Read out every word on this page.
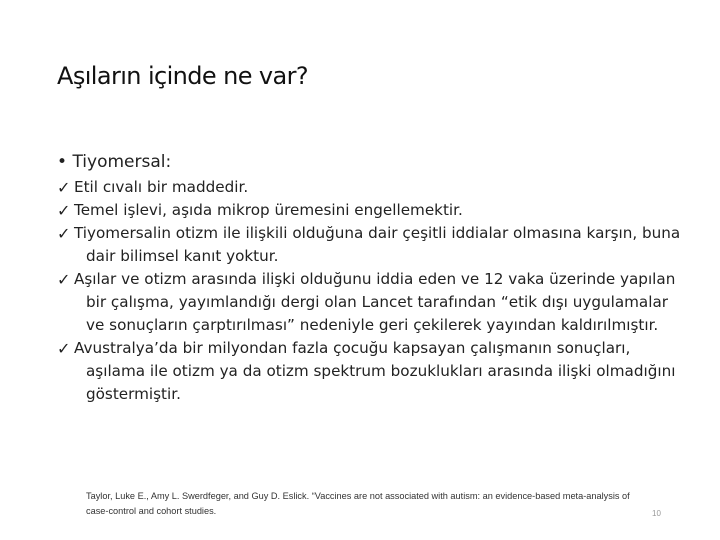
Aşıların içinde ne var?
• Tiyomersal:
✓ Etil cıvalı bir maddedir.
✓ Temel işlevi, aşıda mikrop üremesini engellemektir.
✓ Tiyomersalin otizm ile ilişkili olduğuna dair çeşitli iddialar olmasına karşın, buna dair bilimsel kanıt yoktur.
✓ Aşılar ve otizm arasında ilişki olduğunu iddia eden ve 12 vaka üzerinde yapılan bir çalışma, yayımlandığı dergi olan Lancet tarafından “etik dışı uygulamalar ve sonuçların çarptırılması” nedeniyle geri çekilerek yayından kaldırılmıştır.
✓ Avustralya’da bir milyondan fazla çocuğu kapsayan çalışmanın sonuçları, aşılama ile otizm ya da otizm spektrum bozuklukları arasında ilişki olmadığını göstermiştir.
Taylor, Luke E., Amy L. Swerdfeger, and Guy D. Eslick. “Vaccines are not associated with autism: an evidence-based meta-analysis of case-control and cohort studies.	10
